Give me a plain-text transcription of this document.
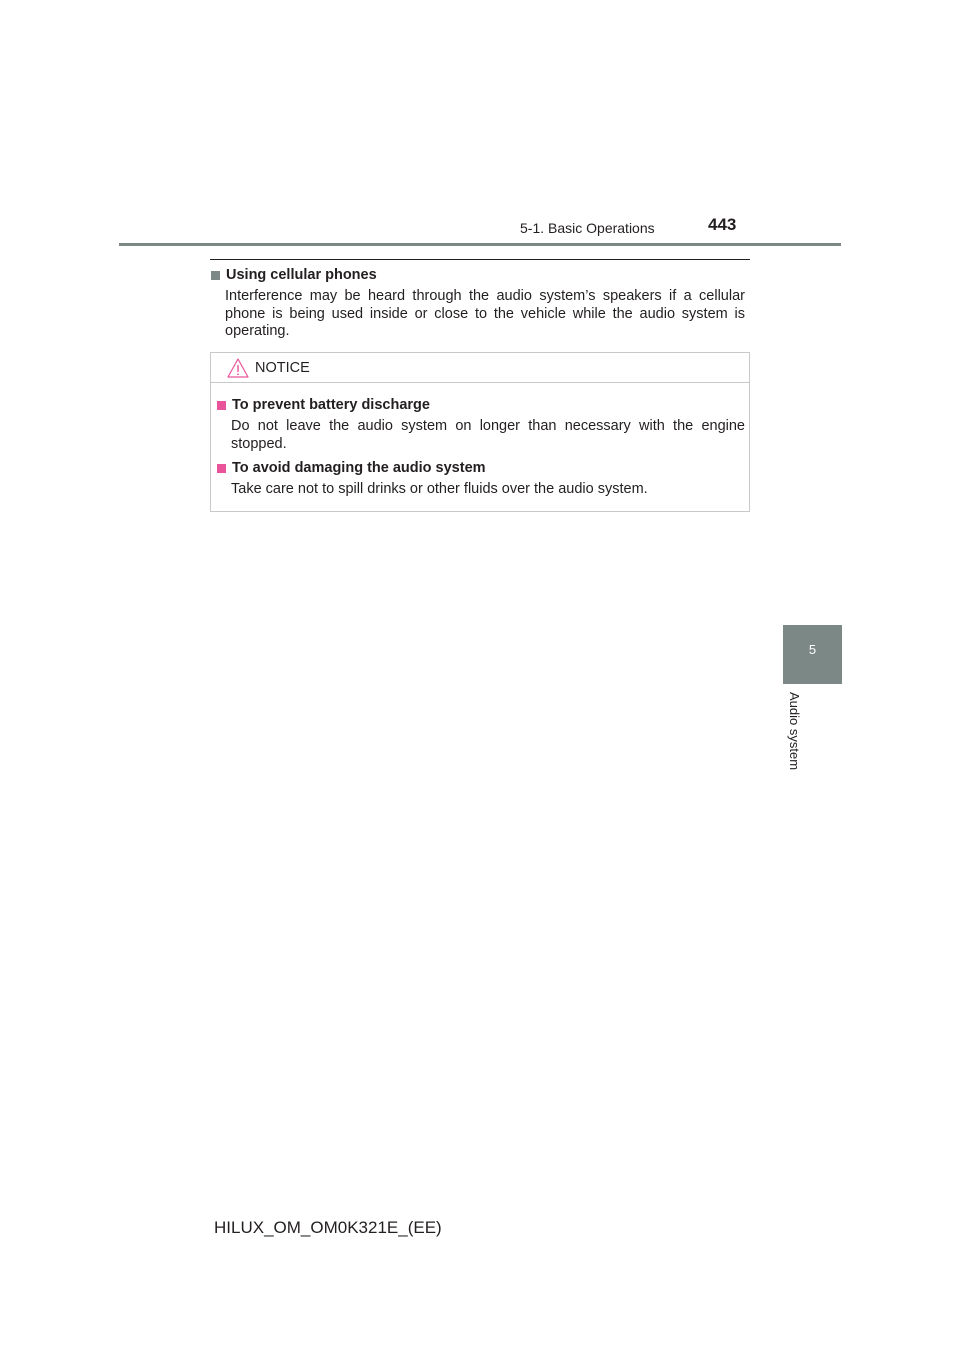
5-1. Basic Operations	443
Using cellular phones
Interference may be heard through the audio system’s speakers if a cellular phone is being used inside or close to the vehicle while the audio system is operating.
NOTICE
To prevent battery discharge
Do not leave the audio system on longer than necessary with the engine stopped.
To avoid damaging the audio system
Take care not to spill drinks or other fluids over the audio system.
5
Audio system
HILUX_OM_OM0K321E_(EE)
